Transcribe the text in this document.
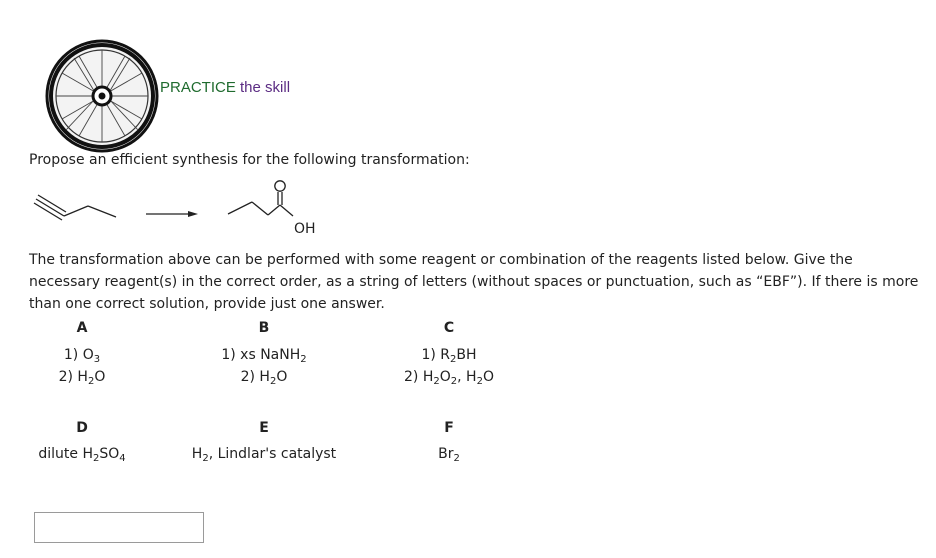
PRACTICE the skill
Propose an efficient synthesis for the following transformation:
OH
The transformation above can be performed with some reagent or combination of the reagents listed below. Give the necessary reagent(s) in the correct order, as a string of letters (without spaces or punctuation, such as “EBF”). If there is more than one correct solution, provide just one answer.
A
1) $O_3$
2) $H_2O$
B
1) xs NaNH$_2$
2) $H_2O$
C
1) $R_2BH$
2) $H_2O_2$, $H_2O$
D
dilute $H_2SO_4$
E
$H_2$, Lindlar's catalyst
F
$Br_2$
